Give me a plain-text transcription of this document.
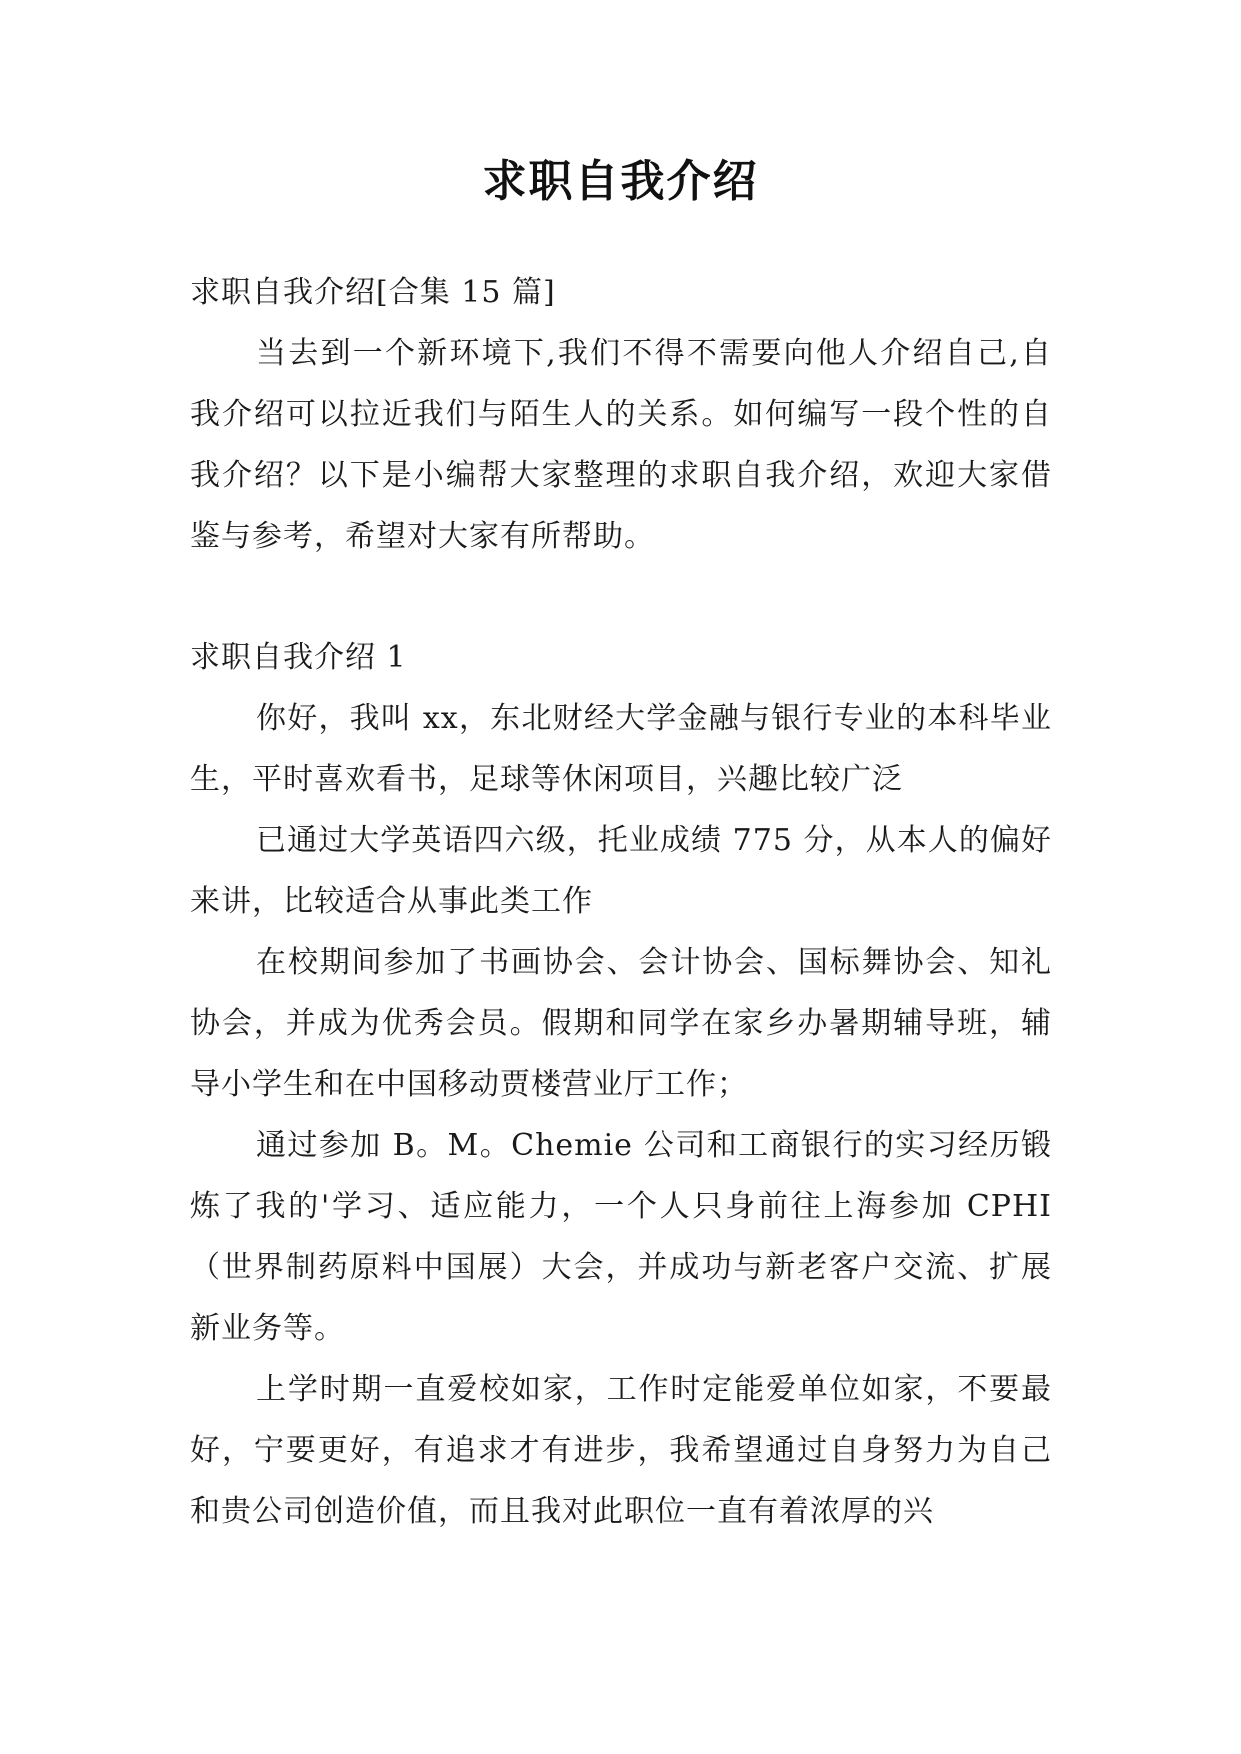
求职自我介绍

求职自我介绍[合集 15 篇]

当去到一个新环境下,我们不得不需要向他人介绍自己,自我介绍可以拉近我们与陌生人的关系。如何编写一段个性的自我介绍？以下是小编帮大家整理的求职自我介绍，欢迎大家借鉴与参考，希望对大家有所帮助。

求职自我介绍 1

你好，我叫 xx，东北财经大学金融与银行专业的本科毕业生，平时喜欢看书，足球等休闲项目，兴趣比较广泛

已通过大学英语四六级，托业成绩 775 分，从本人的偏好来讲，比较适合从事此类工作

在校期间参加了书画协会、会计协会、国标舞协会、知礼协会，并成为优秀会员。假期和同学在家乡办暑期辅导班，辅导小学生和在中国移动贾楼营业厅工作；

通过参加 B。M。Chemie 公司和工商银行的实习经历锻炼了我的'学习、适应能力，一个人只身前往上海参加 CPHI（世界制药原料中国展）大会，并成功与新老客户交流、扩展新业务等。

上学时期一直爱校如家，工作时定能爱单位如家，不要最好，宁要更好，有追求才有进步，我希望通过自身努力为自己和贵公司创造价值，而且我对此职位一直有着浓厚的兴
